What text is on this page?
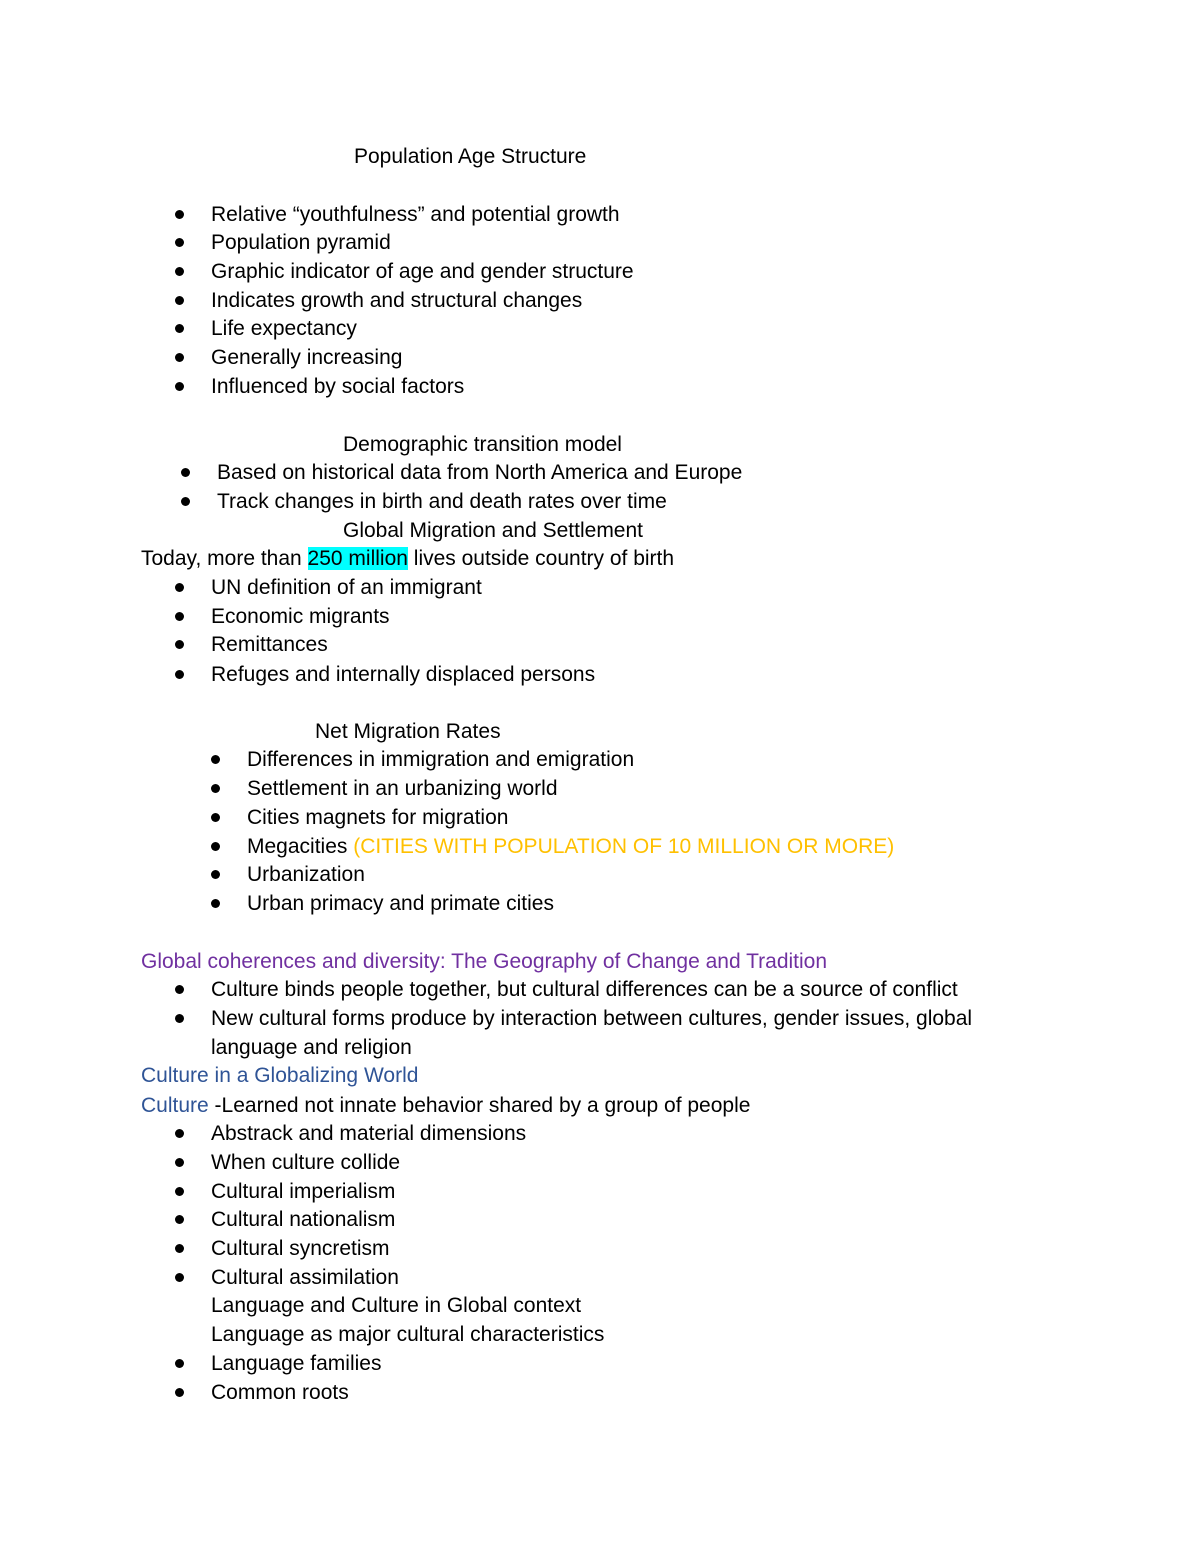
Population Age Structure
Relative “youthfulness” and potential growth
Population pyramid
Graphic indicator of age and gender structure
Indicates growth and structural changes
Life expectancy
Generally increasing
Influenced by social factors
Demographic transition model
Based on historical data from North America and Europe
Track changes in birth and death rates over time
Global Migration and Settlement
Today, more than 250 million lives outside country of birth
UN definition of an immigrant
Economic migrants
Remittances
Refuges and internally displaced persons
Net Migration Rates
Differences in immigration and emigration
Settlement in an urbanizing world
Cities magnets for migration
Megacities (CITIES WITH POPULATION OF 10 MILLION OR MORE)
Urbanization
Urban primacy and primate cities
Global coherences and diversity: The Geography of Change and Tradition
Culture binds people together, but cultural differences can be a source of conflict
New cultural forms produce by interaction between cultures, gender issues, global
language and religion
Culture in a Globalizing World
Culture -Learned not innate behavior shared by a group of people
Abstrack and material dimensions
When culture collide
Cultural imperialism
Cultural nationalism
Cultural syncretism
Cultural assimilation
Language and Culture in Global context
Language as major cultural characteristics
Language families
Common roots
